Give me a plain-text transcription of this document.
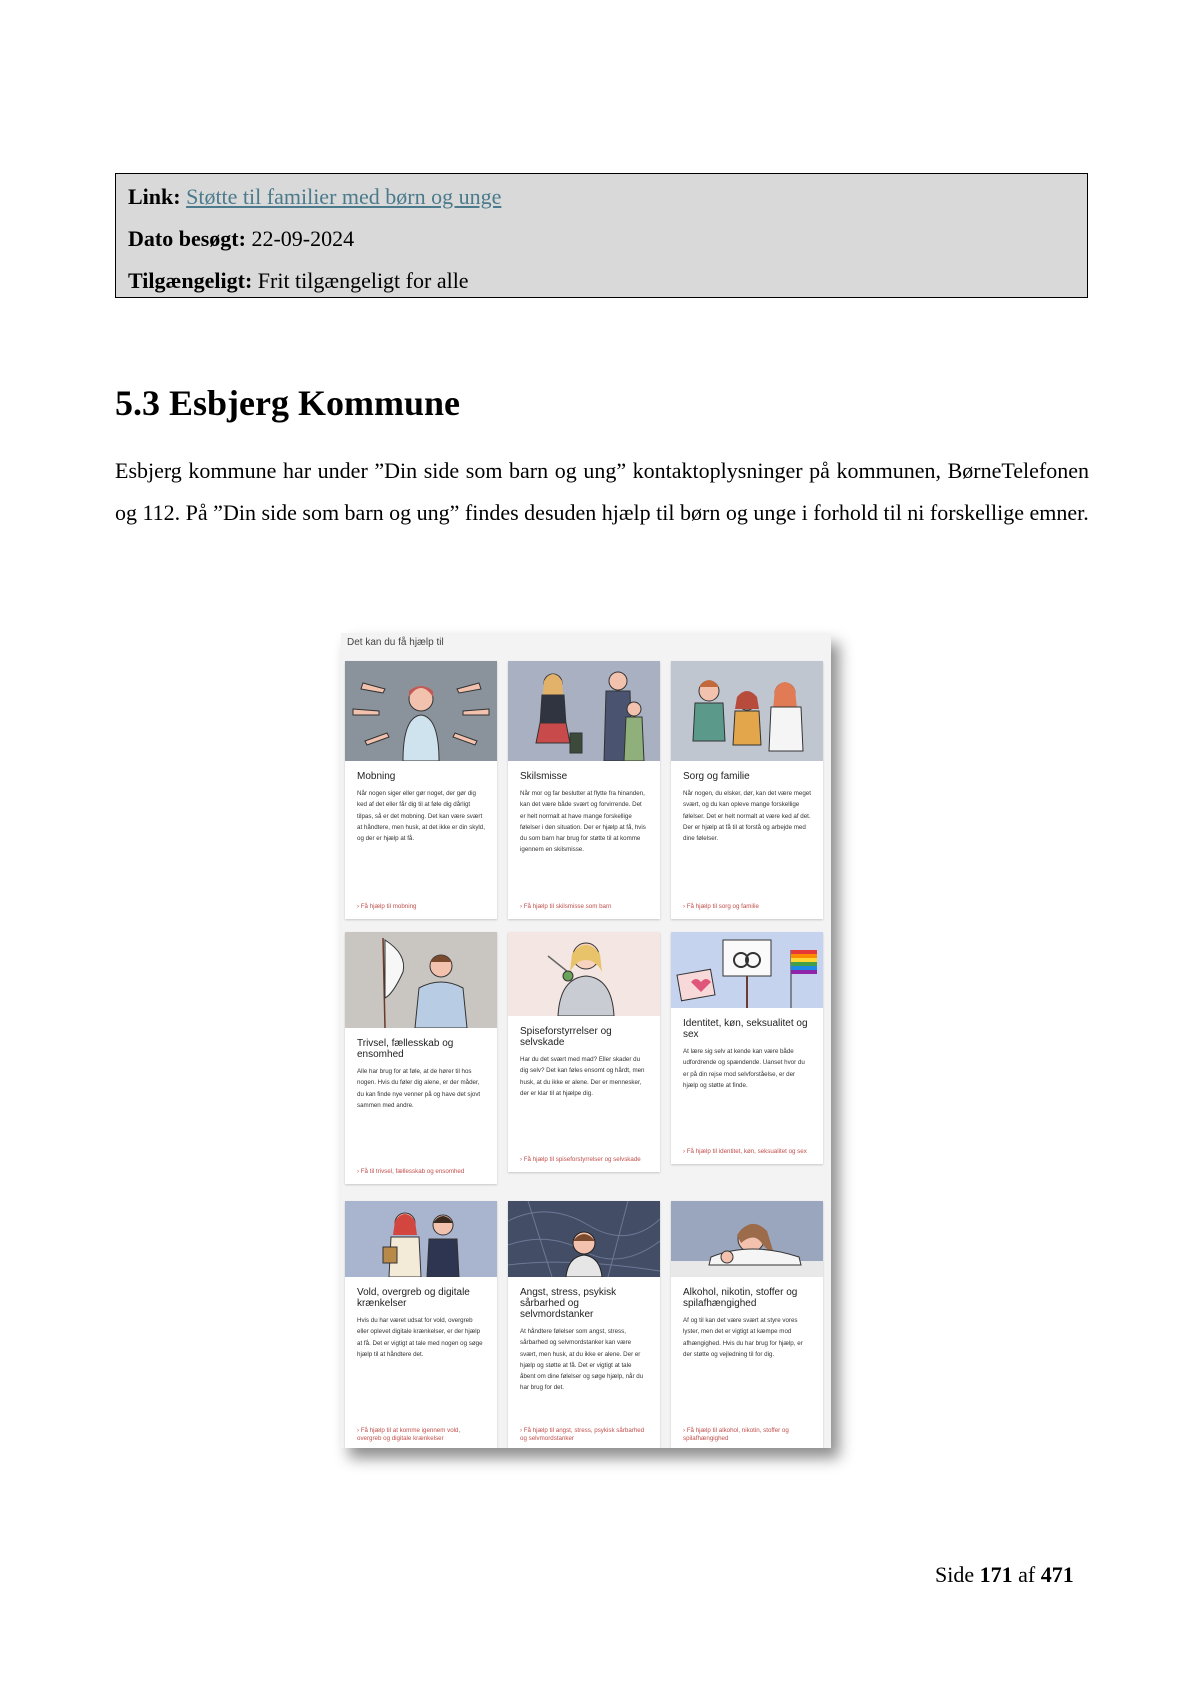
Link: Støtte til familier med børn og unge
Dato besøgt: 22-09-2024
Tilgængeligt: Frit tilgængeligt for alle
5.3 Esbjerg Kommune

Esbjerg kommune har under ”Din side som barn og ung” kontaktoplysninger på kommunen, BørneTelefonen og 112. På ”Din side som barn og ung” findes desuden hjælp til børn og unge i forhold til ni forskellige emner.

Det kan du få hjælp til
Mobning
Når nogen siger eller gør noget, der gør dig ked af det eller får dig til at føle dig dårligt tilpas, så er det mobning. Det kan være svært at håndtere, men husk, at det ikke er din skyld, og der er hjælp at få.
› Få hjælp til mobning
Skilsmisse
Når mor og far beslutter at flytte fra hinanden, kan det være både svært og forvirrende. Det er helt normalt at have mange forskellige følelser i den situation. Der er hjælp at få, hvis du som barn har brug for støtte til at komme igennem en skilsmisse.
› Få hjælp til skilsmisse som barn
Sorg og familie
Når nogen, du elsker, dør, kan det være meget svært, og du kan opleve mange forskellige følelser. Det er helt normalt at være ked af det. Der er hjælp at få til at forstå og arbejde med dine følelser.
› Få hjælp til sorg og familie
Trivsel, fællesskab og ensomhed
Alle har brug for at føle, at de hører til hos nogen. Hvis du føler dig alene, er der måder, du kan finde nye venner på og have det sjovt sammen med andre.
› Få til trivsel, fællesskab og ensomhed
Spiseforstyrrelser og selvskade
Har du det svært med mad? Eller skader du dig selv? Det kan føles ensomt og hårdt, men husk, at du ikke er alene. Der er mennesker, der er klar til at hjælpe dig.
› Få hjælp til spiseforstyrrelser og selvskade
Identitet, køn, seksualitet og sex
At lære sig selv at kende kan være både udfordrende og spændende. Uanset hvor du er på din rejse mod selvforståelse, er der hjælp og støtte at finde.
› Få hjælp til identitet, køn, seksualitet og sex
Vold, overgreb og digitale krænkelser
Hvis du har været udsat for vold, overgreb eller oplevet digitale krænkelser, er der hjælp at få. Det er vigtigt at tale med nogen og søge hjælp til at håndtere det.
› Få hjælp til at komme igennem vold, overgreb og digitale krænkelser
Angst, stress, psykisk sårbarhed og selvmordstanker
At håndtere følelser som angst, stress, sårbarhed og selvmordstanker kan være svært, men husk, at du ikke er alene. Der er hjælp og støtte at få. Det er vigtigt at tale åbent om dine følelser og søge hjælp, når du har brug for det.
› Få hjælp til angst, stress, psykisk sårbarhed og selvmordstanker
Alkohol, nikotin, stoffer og spilafhængighed
Af og til kan det være svært at styre vores lyster, men det er vigtigt at kæmpe mod afhængighed. Hvis du har brug for hjælp, er der støtte og vejledning til for dig.
› Få hjælp til alkohol, nikotin, stoffer og spilafhængighed
Side 171 af 471
